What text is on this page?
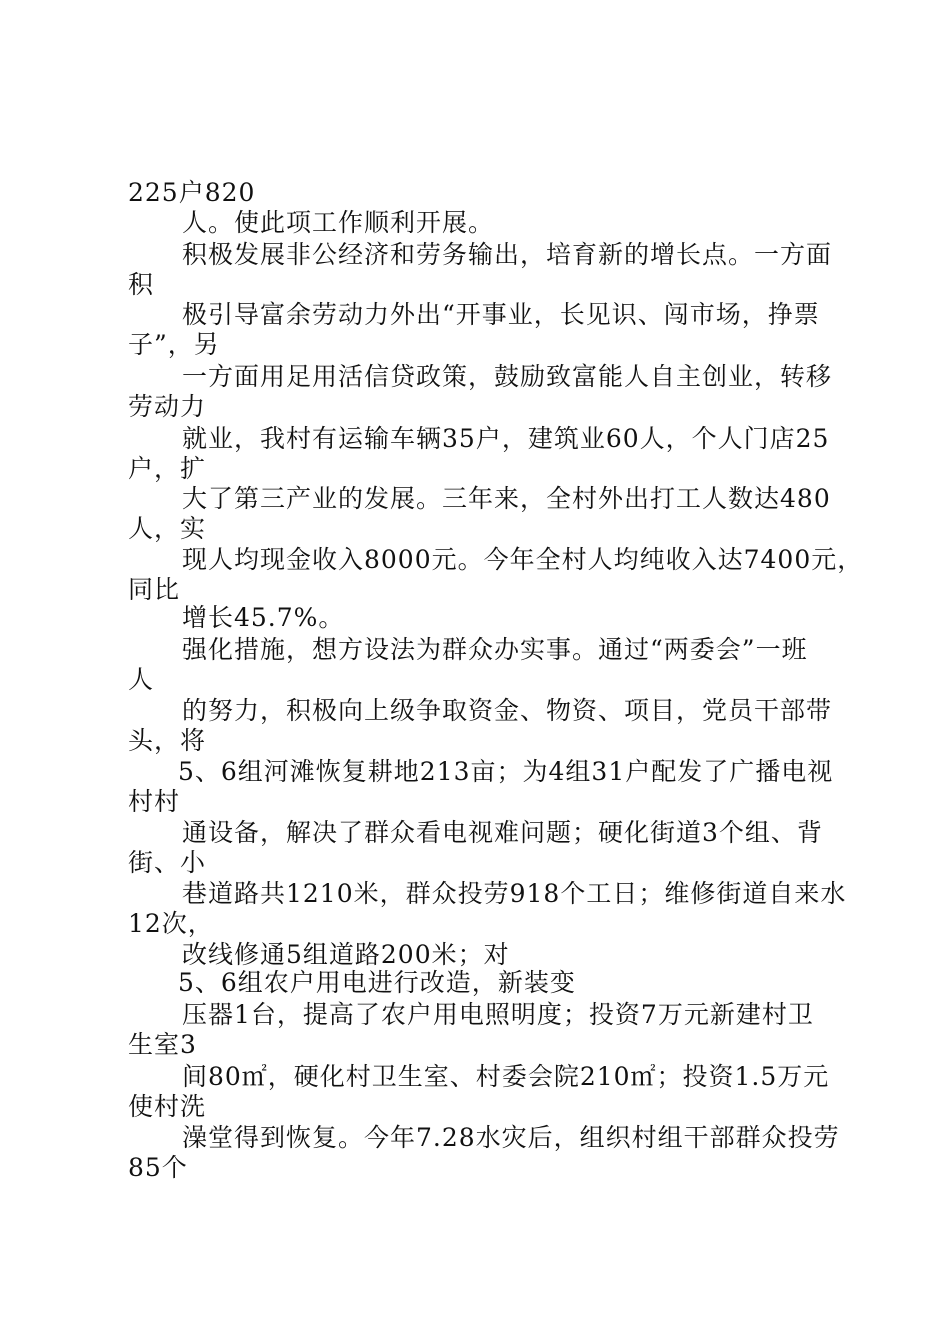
225户820
人。使此项工作顺利开展。
积极发展非公经济和劳务输出，培育新的增长点。一方面
积
极引导富余劳动力外出“开事业，长见识、闯市场，挣票
子”，另
一方面用足用活信贷政策，鼓励致富能人自主创业，转移
劳动力
就业，我村有运输车辆35户，建筑业60人，个人门店25
户，扩
大了第三产业的发展。三年来，全村外出打工人数达480
人，实
现人均现金收入8000元。今年全村人均纯收入达7400元，
同比
增长45.7%。
强化措施，想方设法为群众办实事。通过“两委会”一班
人
的努力，积极向上级争取资金、物资、项目，党员干部带
头，将
5、6组河滩恢复耕地213亩；为4组31户配发了广播电视
村村
通设备，解决了群众看电视难问题；硬化街道3个组、背
街、小
巷道路共1210米，群众投劳918个工日；维修街道自来水
12次，
改线修通5组道路200米；对
5、6组农户用电进行改造，新装变
压器1台，提高了农户用电照明度；投资7万元新建村卫
生室3
间80㎡，硬化村卫生室、村委会院210㎡；投资1.5万元
使村洗
澡堂得到恢复。今年7.28水灾后，组织村组干部群众投劳
85个
